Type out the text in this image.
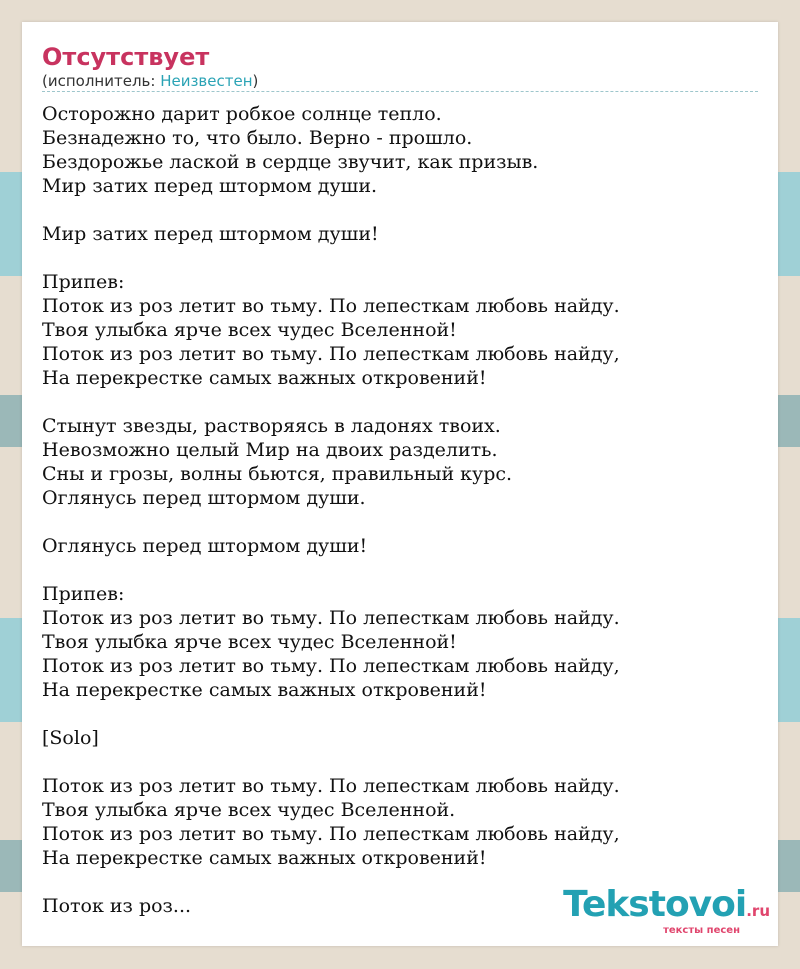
Отсутствует
(исполнитель: Неизвестен)
Осторожно дарит робкое солнце тепло.
Безнадежно то, что было. Верно - прошло.
Бездорожье лаской в сердце звучит, как призыв.
Мир затих перед штормом души.

Мир затих перед штормом души!

Припев:
Поток из роз летит во тьму. По лепесткам любовь найду.
Твоя улыбка ярче всех чудес Вселенной!
Поток из роз летит во тьму. По лепесткам любовь найду,
На перекрестке самых важных откровений!

Стынут звезды, растворяясь в ладонях твоих.
Невозможно целый Мир на двоих разделить.
Сны и грозы, волны бьются, правильный курс.
Оглянусь перед штормом души.

Оглянусь перед штормом души!

Припев:
Поток из роз летит во тьму. По лепесткам любовь найду.
Твоя улыбка ярче всех чудес Вселенной!
Поток из роз летит во тьму. По лепесткам любовь найду,
На перекрестке самых важных откровений!

[Solo]

Поток из роз летит во тьму. По лепесткам любовь найду.
Твоя улыбка ярче всех чудес Вселенной.
Поток из роз летит во тьму. По лепесткам любовь найду,
На перекрестке самых важных откровений!

Поток из роз...	Tekstovoi.ru
тексты песен
